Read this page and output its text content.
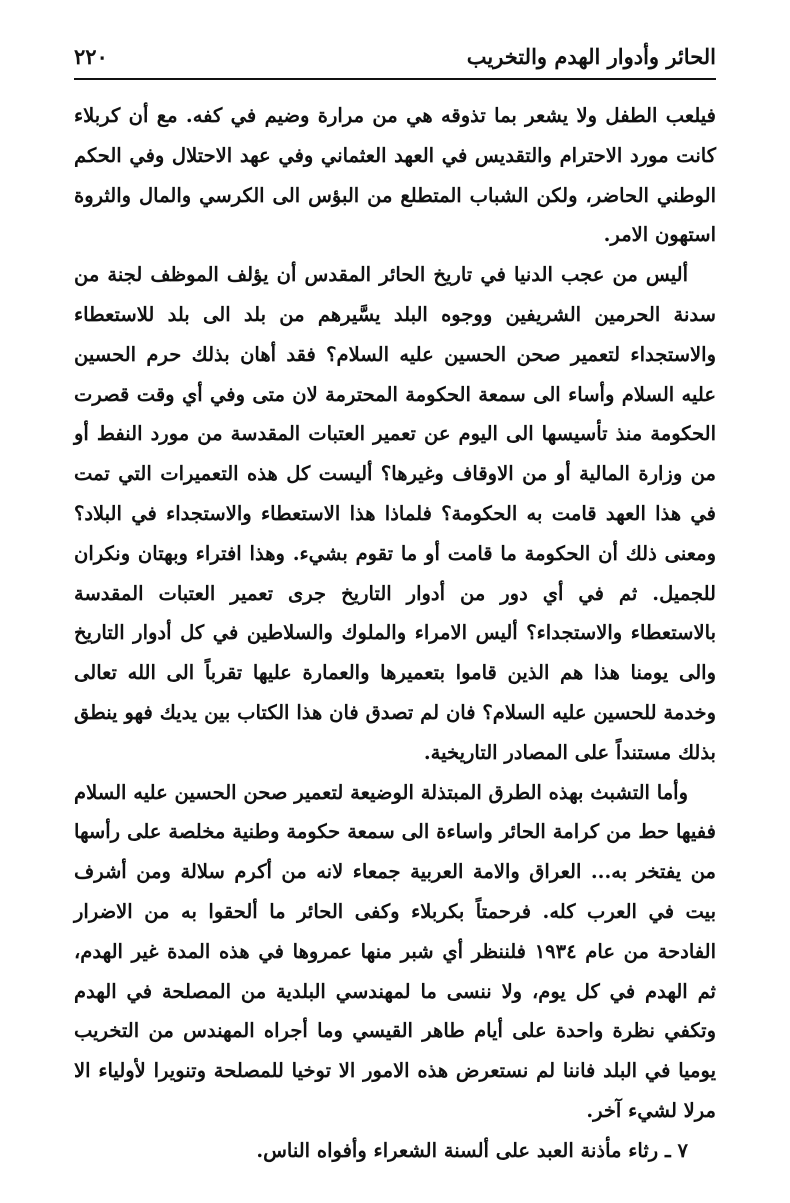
٢٢٠	الحائر وأدوار الهدم والتخريب

فيلعب الطفل ولا يشعر بما تذوقه هي من مرارة وضيم في كفه. مع أن كربلاء كانت مورد الاحترام والتقديس في العهد العثماني وفي عهد الاحتلال وفي الحكم الوطني الحاضر، ولكن الشباب المتطلع من البؤس الى الكرسي والمال والثروة استهون الامر.

أليس من عجب الدنيا في تاريخ الحائر المقدس أن يؤلف الموظف لجنة من سدنة الحرمين الشريفين ووجوه البلد يسَّيرهم من بلد الى بلد للاستعطاء والاستجداء لتعمير صحن الحسين عليه السلام؟ فقد أهان بذلك حرم الحسين عليه السلام وأساء الى سمعة الحكومة المحترمة لان متى وفي أي وقت قصرت الحكومة منذ تأسيسها الى اليوم عن تعمير العتبات المقدسة من مورد النفط أو من وزارة المالية أو من الاوقاف وغيرها؟ أليست كل هذه التعميرات التي تمت في هذا العهد قامت به الحكومة؟ فلماذا هذا الاستعطاء والاستجداء في البلاد؟ ومعنى ذلك أن الحكومة ما قامت أو ما تقوم بشيء. وهذا افتراء وبهتان ونكران للجميل. ثم في أي دور من أدوار التاريخ جرى تعمير العتبات المقدسة بالاستعطاء والاستجداء؟ أليس الامراء والملوك والسلاطين في كل أدوار التاريخ والى يومنا هذا هم الذين قاموا بتعميرها والعمارة عليها تقرباً الى الله تعالى وخدمة للحسين عليه السلام؟ فان لم تصدق فان هذا الكتاب بين يديك فهو ينطق بذلك مستنداً على المصادر التاريخية.

وأما التشبث بهذه الطرق المبتذلة الوضيعة لتعمير صحن الحسين عليه السلام ففيها حط من كرامة الحائر واساءة الى سمعة حكومة وطنية مخلصة على رأسها من يفتخر به... العراق والامة العربية جمعاء لانه من أكرم سلالة ومن أشرف بيت في العرب كله. فرحمتاً بكربلاء وكفى الحائر ما ألحقوا به من الاضرار الفادحة من عام ١٩٣٤ فلننظر أي شبر منها عمروها في هذه المدة غير الهدم، ثم الهدم في كل يوم، ولا ننسى ما لمهندسي البلدية من المصلحة في الهدم وتكفي نظرة واحدة على أيام طاهر القيسي وما أجراه المهندس من التخريب يوميا في البلد فاننا لم نستعرض هذه الامور الا توخيا للمصلحة وتنويرا لأولياء الا مرلا لشيء آخر.

٧ ـ رثاء مأذنة العبد على ألسنة الشعراء وأفواه الناس.
